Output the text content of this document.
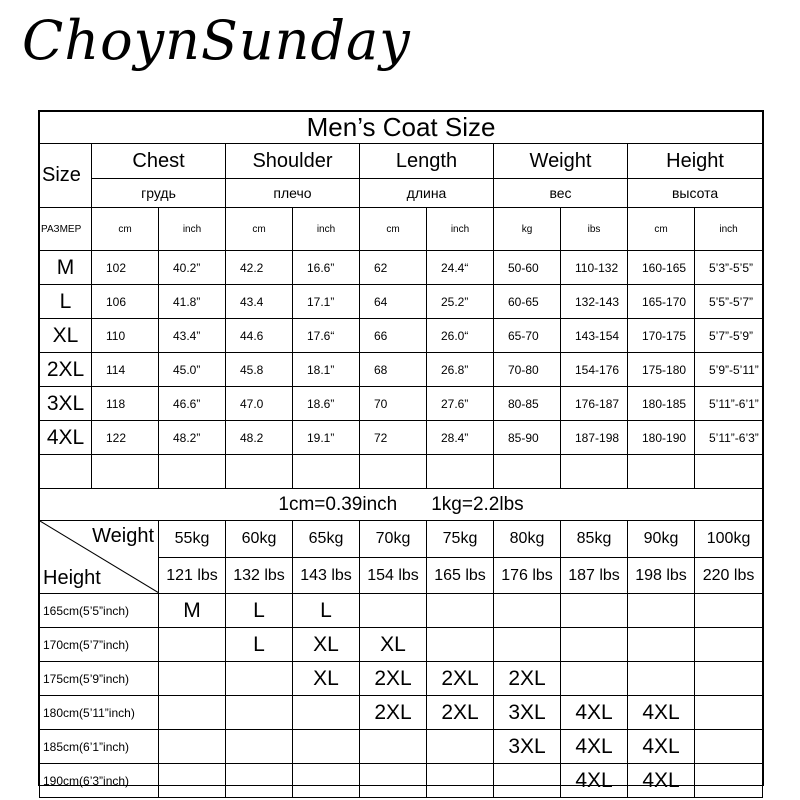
ChoynSunday
Men’s Coat Size										
Size	Chest		Shoulder		Length		Weight		Height	
	грудь		плечо		длина		вес		высота	
РАЗМЕР	cm	inch	cm	inch	cm	inch	kg	ibs	cm	inch
M	102	40.2”	42.2	16.6”	62	24.4“	50-60	110-132	160-165	5’3”-5’5”
L	106	41.8”	43.4	17.1”	64	25.2”	60-65	132-143	165-170	5’5”-5’7”
XL	110	43.4”	44.6	17.6“	66	26.0“	65-70	143-154	170-175	5’7”-5’9”
2XL	114	45.0”	45.8	18.1”	68	26.8”	70-80	154-176	175-180	5’9”-5’11”
3XL	118	46.6”	47.0	18.6”	70	27.6”	80-85	176-187	180-185	5’11”-6’1”
4XL	122	48.2”	48.2	19.1”	72	28.4”	85-90	187-198	180-190	5’11”-6’3”

1cm=0.39inch 1kg=2.2lbs										

Weight
Height		55kg	60kg	65kg	70kg	75kg	80kg	85kg	90kg	100kg
		121 lbs	132 lbs	143 lbs	154 lbs	165 lbs	176 lbs	187 lbs	198 lbs	220 lbs
165cm(5’5”inch)		M	L	L						
170cm(5’7”inch)			L	XL	XL					
175cm(5’9”inch)				XL	2XL	2XL	2XL			
180cm(5’11”inch)					2XL	2XL	3XL	4XL	4XL	
185cm(6’1”inch)							3XL	4XL	4XL	
190cm(6’3”inch)								4XL	4XL	
